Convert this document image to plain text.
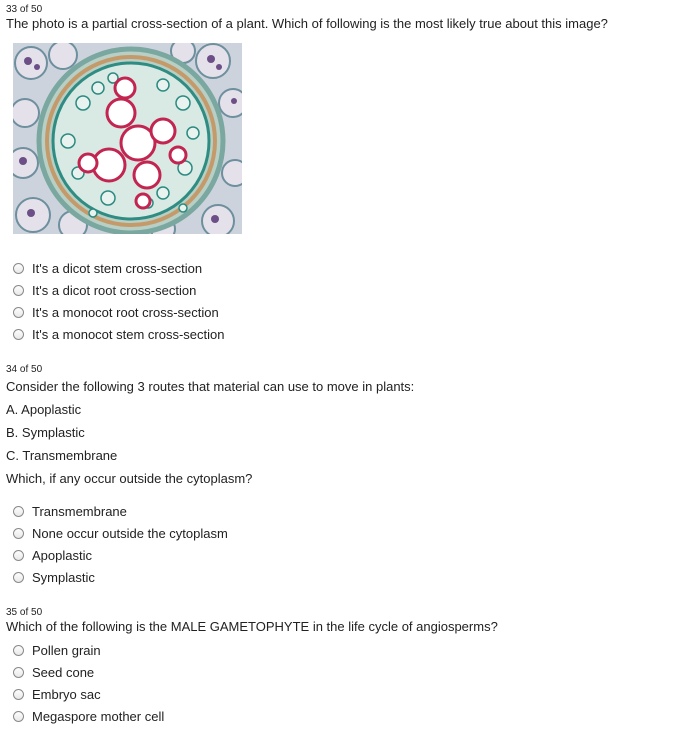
33 of 50
The photo is a partial cross-section of a plant. Which of following is the most likely true about this image?
It's a dicot stem cross-section
It's a dicot root cross-section
It's a monocot root cross-section
It's a monocot stem cross-section
34 of 50
Consider the following 3 routes that material can use to move in plants:
A. Apoplastic
B. Symplastic
C. Transmembrane
Which, if any occur outside the cytoplasm?
Transmembrane
None occur outside the cytoplasm
Apoplastic
Symplastic
35 of 50
Which of the following is the MALE GAMETOPHYTE in the life cycle of angiosperms?
Pollen grain
Seed cone
Embryo sac
Megaspore mother cell
